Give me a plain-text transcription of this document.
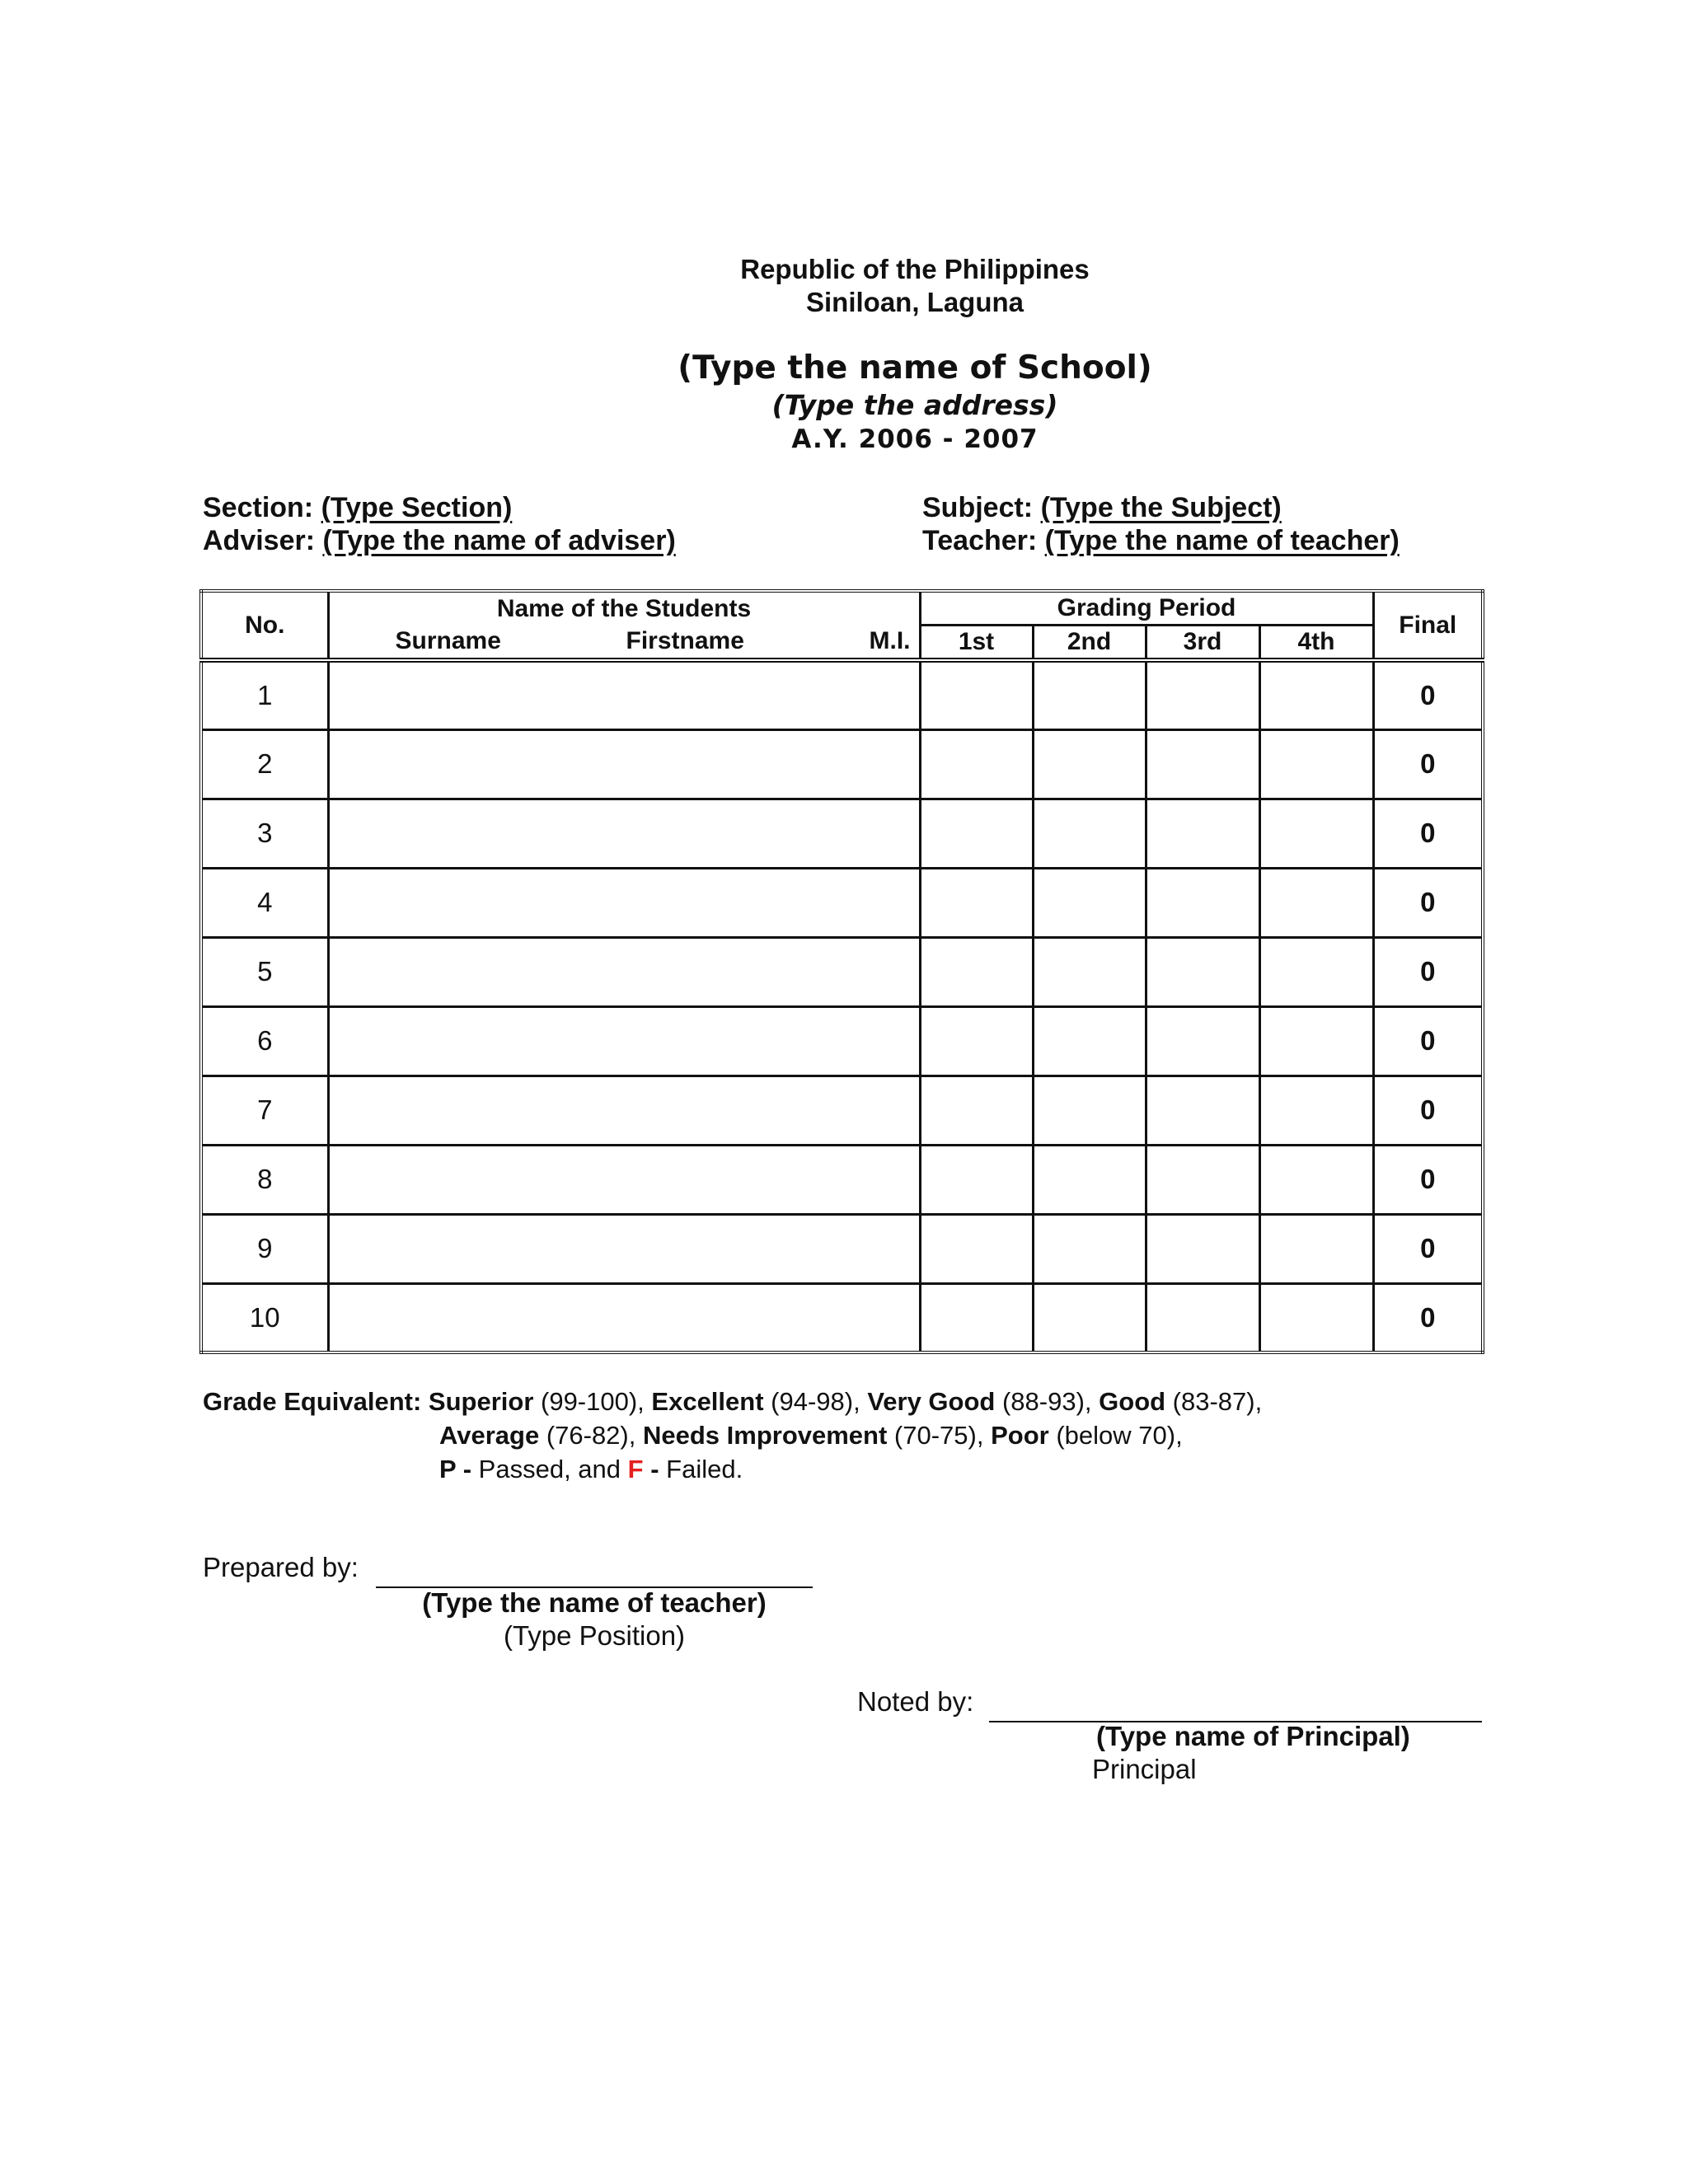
Republic of the Philippines
Siniloan, Laguna
(Type the name of School)
(Type the address)
A.Y. 2006 - 2007
Section: (Type Section)
Adviser: (Type the name of adviser)
Subject: (Type the Subject)
Teacher: (Type the name of teacher)
No.	Name of the Students	Grading Period				Final

	Surname Firstname M.I.	1st	2nd	3rd	4th	
1						0
2						0
3						0
4						0
5						0
6						0
7						0
8						0
9						0
10						0
Grade Equivalent: Superior (99-100), Excellent (94-98), Very Good (88-93), Good (83-87),
Average (76-82), Needs Improvement (70-75), Poor (below 70),
P - Passed, and F - Failed.
Prepared by:
(Type the name of teacher)
(Type Position)
Noted by:
(Type name of Principal)
Principal
